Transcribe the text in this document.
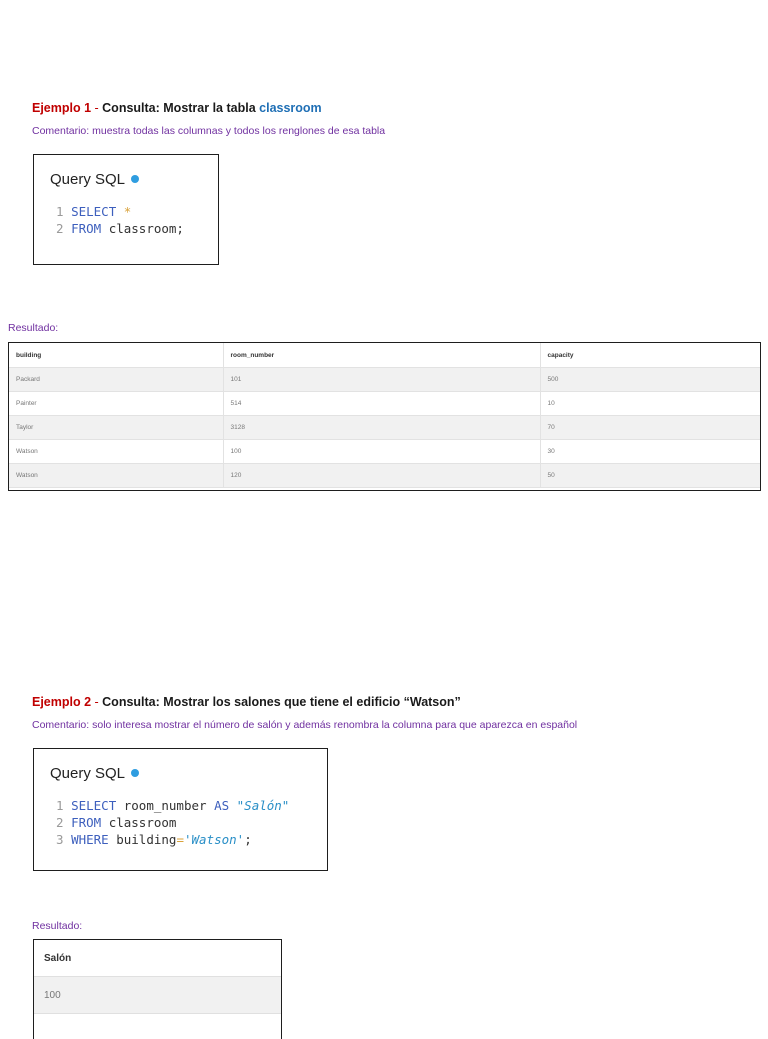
Ejemplo 1 - Consulta: Mostrar la tabla classroom
Comentario: muestra todas las columnas y todos los renglones de esa tabla
Query SQL
1 SELECT *
2 FROM classroom;
Resultado:
building	room_number	capacity
Packard	101	500
Painter	514	10
Taylor	3128	70
Watson	100	30
Watson	120	50
Ejemplo 2 - Consulta: Mostrar los salones que tiene el edificio “Watson”
Comentario: solo interesa mostrar el número de salón y además renombra la columna para que aparezca en español
Query SQL
1 SELECT room_number AS "Salón"
2 FROM classroom
3 WHERE building='Watson';
Resultado:
Salón
100
